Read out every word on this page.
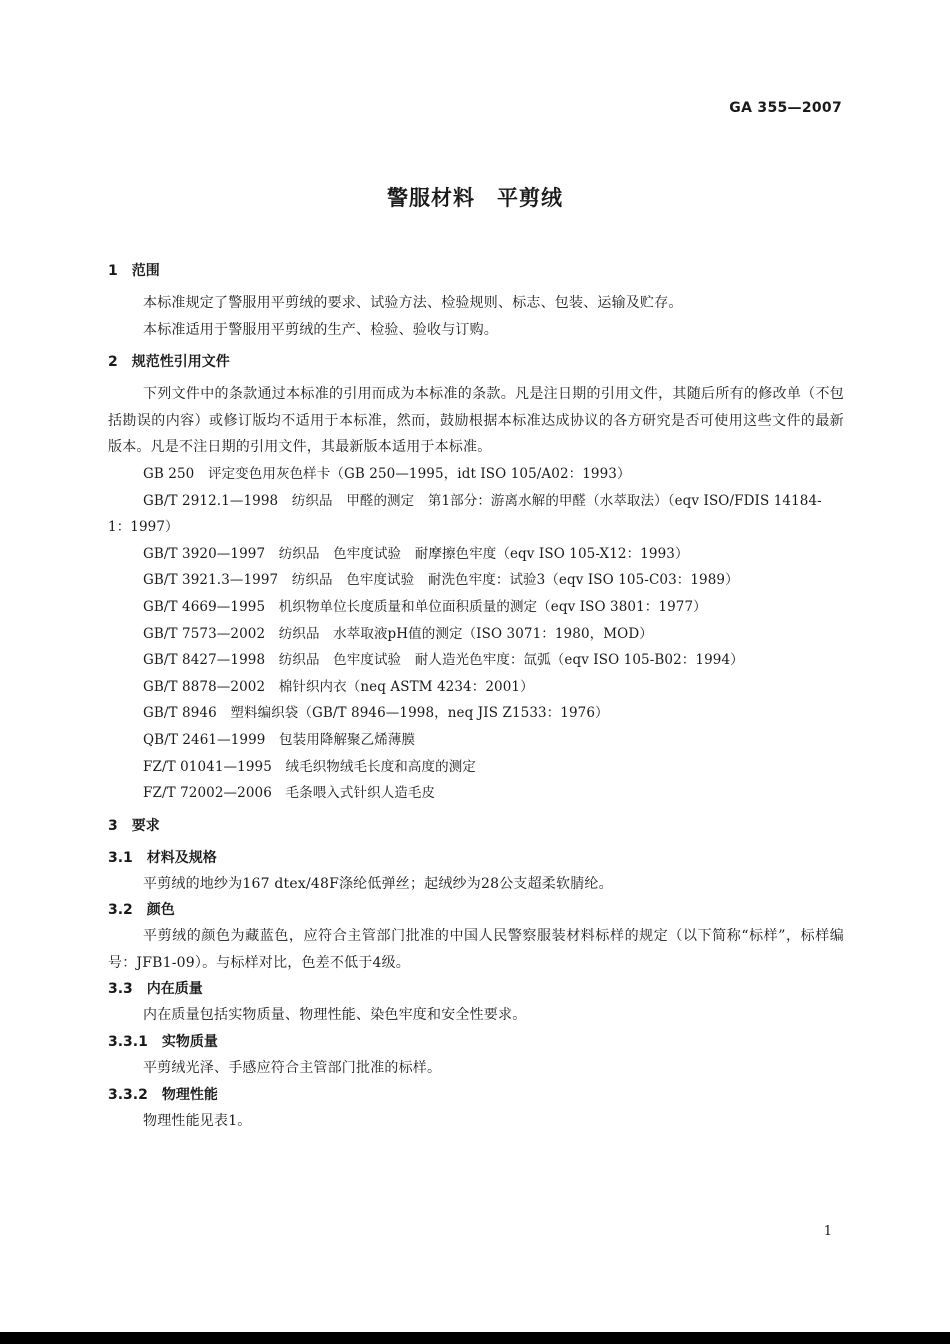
GA 355—2007
警服材料　平剪绒
1　范围
本标准规定了警服用平剪绒的要求、试验方法、检验规则、标志、包装、运输及贮存。
本标准适用于警服用平剪绒的生产、检验、验收与订购。
2　规范性引用文件
下列文件中的条款通过本标准的引用而成为本标准的条款。凡是注日期的引用文件，其随后所有的修改单（不包括勘误的内容）或修订版均不适用于本标准，然而，鼓励根据本标准达成协议的各方研究是否可使用这些文件的最新版本。凡是不注日期的引用文件，其最新版本适用于本标准。
GB 250　评定变色用灰色样卡（GB 250—1995，idt ISO 105/A02：1993）
GB/T 2912.1—1998　纺织品　甲醛的测定　第1部分：游离水解的甲醛（水萃取法）（eqv ISO/FDIS 14184-1：1997）
GB/T 3920—1997　纺织品　色牢度试验　耐摩擦色牢度（eqv ISO 105-X12：1993）
GB/T 3921.3—1997　纺织品　色牢度试验　耐洗色牢度：试验3（eqv ISO 105-C03：1989）
GB/T 4669—1995　机织物单位长度质量和单位面积质量的测定（eqv ISO 3801：1977）
GB/T 7573—2002　纺织品　水萃取液pH值的测定（ISO 3071：1980，MOD）
GB/T 8427—1998　纺织品　色牢度试验　耐人造光色牢度：氙弧（eqv ISO 105-B02：1994）
GB/T 8878—2002　棉针织内衣（neq ASTM 4234：2001）
GB/T 8946　塑料编织袋（GB/T 8946—1998，neq JIS Z1533：1976）
QB/T 2461—1999　包装用降解聚乙烯薄膜
FZ/T 01041—1995　绒毛织物绒毛长度和高度的测定
FZ/T 72002—2006　毛条喂入式针织人造毛皮
3　要求
3.1　材料及规格
平剪绒的地纱为167 dtex/48F涤纶低弹丝；起绒纱为28公支超柔软腈纶。
3.2　颜色
平剪绒的颜色为藏蓝色，应符合主管部门批准的中国人民警察服装材料标样的规定（以下简称“标样”，标样编号：JFB1-09）。与标样对比，色差不低于4级。
3.3　内在质量
内在质量包括实物质量、物理性能、染色牢度和安全性要求。
3.3.1　实物质量
平剪绒光泽、手感应符合主管部门批准的标样。
3.3.2　物理性能
物理性能见表1。
1
